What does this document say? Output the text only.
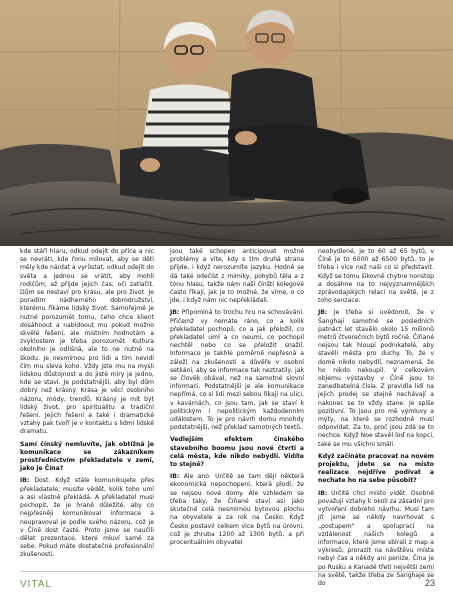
kde stáří hlaru, odkud odejít do příce a nic se nevráti, kde řonu milovat, aby se děti měly kde nárdat a vyrůstat, odkud odejít do světa a jednou se vrátit, aby mohli rodičům, až přijde jejich čas, oči zatlačit. Dům se nestaví pro krásu, ale pro život. Je poradím nádherného dobrodružství, kterému říkáme lidský život. Samořejmě je nutné porozumět tomu, čeho chce klient dosáhnout a nabídnout mu pokud možno skvělé řešení, ale mistním hodnotám a zvyklostem je třeba porozumět. Kultura okolního je odlišná, ale to ne nutně na škodu. Je nesmírnou pro lidi a tím nevidí čím mu sleva koho. Vždy jste mu na mysli lidskou důstojnost a do jisté míry je jedno, kde se staví. Je podstatnější, aby byl dům dobrý než krásný. Krása je věcí osobního názoru, módy, trendů. Krásný je mít být lidský život, pro spiritualitu a tradiční řešení. Jejich řešení a také i dramatické vztahy pak tvoří je v kontaktu s lidmi lidské dramatu.

Samí čínský nemluvíte, jak obtížná je komunikace se zákazníkem prostřednictvím překladatele v zemi, jako je Čína?

IB: Dost. Když stále komunikujete přes překladatele, musíte vědět, kolik toho umí a asi vlastně překládá. A překladatel musí pochopit, že je hraně důležité, aby co nejpřesněji komunikoval informace a neupravoval je podle svého názoru, což je v Číně dost časté. Proto jsme se naučili dělat prezentace, které mluví samé za sebe. Pokud máte dostatečné profesionální zkušenosti,

jsou také schopen anticipovat možné problémy a víte, kdy s tím druhá strana přijde, i když nerozumíte jazyku. Hodně se dá také odečíst z mimiky, pohybů těla a z tónu hlasu, takže nám naší čínští kolegové často říkají, jak je to možné, že víme, o co jde, i když nám nic nepřekládali.

JB: Připomíná to trochu hru na schovávání. Přičemž vy nemáte ráno, co a kolik překladatel pochopil, co a jak přeložil, co překladatel umí a co neumí, co pochopil nechtěl nebo co se přeložit snažil. Informace je takhle poměrně nepřesná a záleží na zkušenosti a důvěře v osobní setkání, aby se informace tak neztratily, jak se člověk obával, než na samotné slovní informaci. Podstatnější je ale komunikace nepřímá, co si lidi mezi sebou říkají na ulici, v kavárnách, co jsou tam, jak se staví k politickým i nepolitickým každodenním událostem. To je pro návrh domu mnohdy podstatnější, než překlad samotných textů.

Vedlejším efektem čínského stavebního boomu jsou nové čtvrti a celá města, kde nikdo nebydlí. Vidíte to stejně?

IB: Ale ano. Určitě se tam dějí některá ekonomická nepochopení, která plodí, že se nejsou nové domy. Ale vzhledem se třeba taky, že Číňané staví asi jako skutečně celá nesmírnou bytovou plochu na obyvatele a za rok na Česko. Když Česko postavil celkem více bytů na úrovni, což je zhruba 1200 až 1300 bytů, a při procentuálním obyvatel

neobydlené, je to 60 až 65 bytů, v Číně je to 6000 až 6500 bytů, to je třeba i více než naši co si představit. Když se tomu šikovně chytne nonstop a dosáhne na to nejvýznamnějších zprávodajských relací na světě, je z toho senzace.

JB: Je třeba si uvědomit, že v Šanghaji samotné se posledních patnáct let stavělo okolo 15 milionů metrů čtverečních bytů ročně. Číňané nejsou tak hloupí podnikatelé, aby stavěli města pro duchy. To, že v domě nikdo nebydlí, neznamená, že ho nikdo nekoupil. V celkovém objemu výstavby v Číně jsou to zanedbatelná čísla. Z pravidla lidí na jejich prodej se stejně nechávají a nakonec se to vždy stane. Je spíše pozitivní. To jsou pro mě výmluvy a mýty, na které se rozhodně musí odpovídat. Za to, proč jsou zdá se to nechce. Když Noe stavěl loď na kopci, také se mu všichni smáli.

Když začínáte pracovat na novém projektu, jdete se na místo realizace nejdříve podívat a nechatе ho na sebe působit?

IB: Určitě chci místo vidět. Osobně považuji vztahy k okolí za zásadní pro vytvoření dobrého návrhu. Musí tam jít jsme se někdy navrhovat s „postupem“ a spoluprací na vzdálenost našich kolegů a informace, které jsme sbírali z map a výkresů, prorazit na návštěvu místa nebyl čas a někdy ani peníze. Čína je po Rusku a Kanadě třetí největší zemí na světě, takže třeba ze Šanghaje se do

VITAL	23
